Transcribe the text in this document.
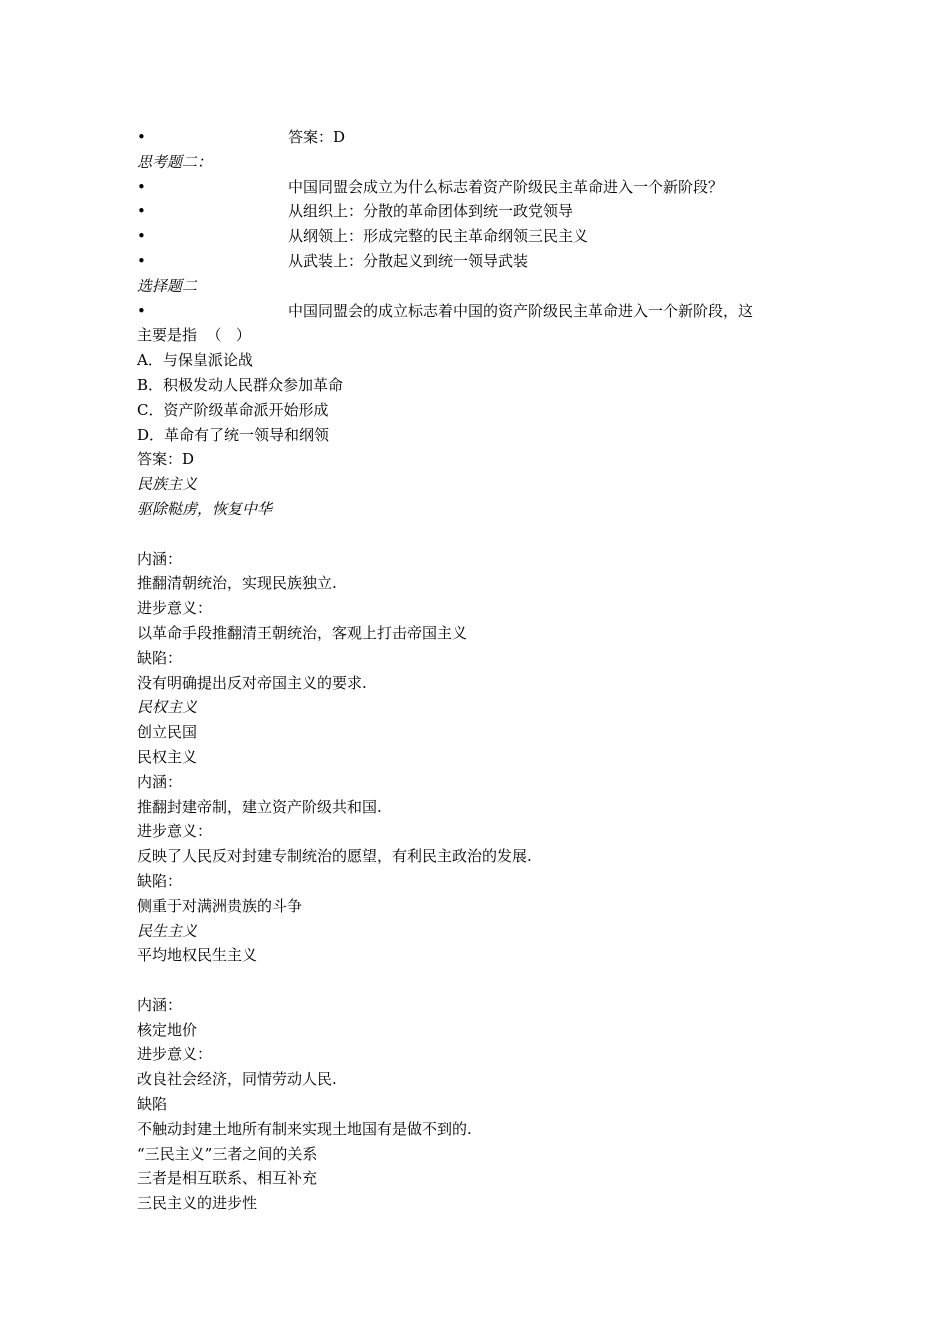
•	答案：D
思考题二：
•	中国同盟会成立为什么标志着资产阶级民主革命进入一个新阶段？
•	从组织上：分散的革命团体到统一政党领导
•	从纲领上：形成完整的民主革命纲领三民主义
•	从武装上：分散起义到统一领导武装
选择题二
•	中国同盟会的成立标志着中国的资产阶级民主革命进入一个新阶段，这
主要是指  （   ）
A．与保皇派论战
B．积极发动人民群众参加革命
C．资产阶级革命派开始形成
D．革命有了统一领导和纲领
答案：D
民族主义
驱除鞑虏，恢复中华
内涵：
推翻清朝统治，实现民族独立.
进步意义：
以革命手段推翻清王朝统治，客观上打击帝国主义
缺陷：
没有明确提出反对帝国主义的要求.
民权主义
创立民国
民权主义
内涵：
推翻封建帝制，建立资产阶级共和国.
进步意义：
反映了人民反对封建专制统治的愿望，有利民主政治的发展.
缺陷：
侧重于对满洲贵族的斗争
民生主义
平均地权民生主义
内涵：
核定地价
进步意义：
改良社会经济，同情劳动人民.
缺陷
不触动封建土地所有制来实现土地国有是做不到的.
“三民主义”三者之间的关系
三者是相互联系、相互补充
三民主义的进步性
